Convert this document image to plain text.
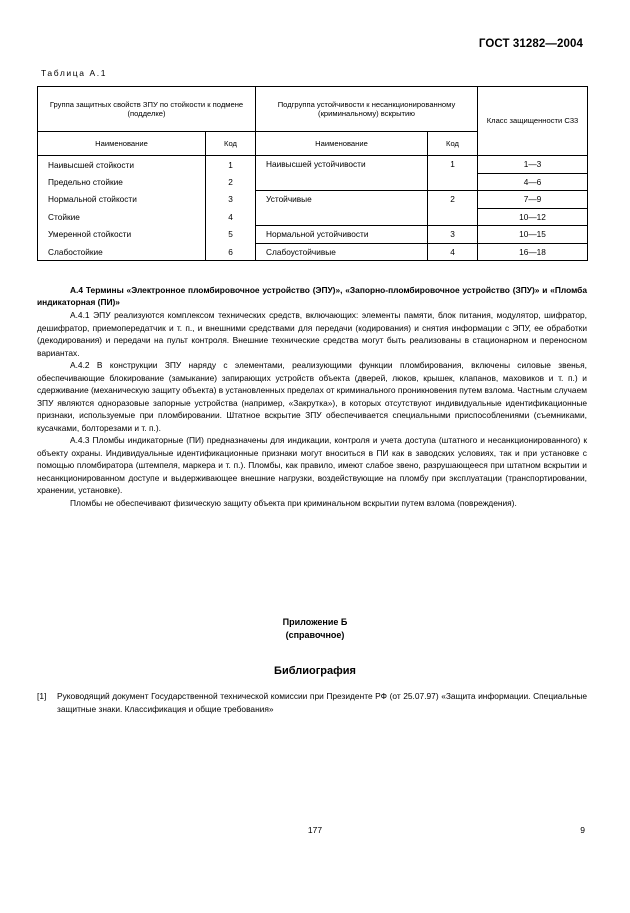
ГОСТ 31282—2004
Таблица А.1
Группа защитных свойств ЗПУ по стойкости к подмене (подделке)		Подгруппа устойчивости к несанкционированному (криминальному) вскрытию		Класс защищенности С33
Наименование	Код	Наименование	Код	
Наивысшей стойкости	1	Наивысшей устойчивости	1	1—3
Предельно стойкие	2			4—6
Нормальной стойкости	3	Устойчивые	2	7—9
Стойкие	4			10—12
Умеренной стойкости	5	Нормальной устойчивости	3	10—15
Слабостойкие	6	Слабоустойчивые	4	16—18

А.4 Термины «Электронное пломбировочное устройство (ЭПУ)», «Запорно-пломбировочное устройство (ЗПУ)» и «Пломба индикаторная (ПИ)»

А.4.1 ЭПУ реализуются комплексом технических средств, включающих: элементы памяти, блок питания, модулятор, шифратор, дешифратор, приемопередатчик и т. п., и внешними средствами для передачи (кодирования) и снятия информации с ЭПУ, ее обработки (декодирования) и передачи на пульт контроля. Внешние технические средства могут быть реализованы в стационарном и переносном вариантах.

А.4.2 В конструкции ЗПУ наряду с элементами, реализующими функции пломбирования, включены силовые звенья, обеспечивающие блокирование (замыкание) запирающих устройств объекта (дверей, люков, крышек, клапанов, маховиков и т. п.) и сдерживание (механическую защиту объекта) в установленных пределах от криминального проникновения путем взлома. Частным случаем ЗПУ являются одноразовые запорные устройства (например, «Закрутка»), в которых отсутствуют индивидуальные идентификационные признаки, используемые при пломбировании. Штатное вскрытие ЗПУ обеспечивается специальными приспособлениями (съемниками, кусачками, болторезами и т. п.).

А.4.3 Пломбы индикаторные (ПИ) предназначены для индикации, контроля и учета доступа (штатного и несанкционированного) к объекту охраны. Индивидуальные идентификационные признаки могут вноситься в ПИ как в заводских условиях, так и при установке с помощью пломбиратора (штемпеля, маркера и т. п.). Пломбы, как правило, имеют слабое звено, разрушающееся при штатном вскрытии и несанкционированном доступе и выдерживающее внешние нагрузки, воздействующие на пломбу при эксплуатации (транспортировании, хранении, установке).

Пломбы не обеспечивают физическую защиту объекта при криминальном вскрытии путем взлома (повреждения).

Приложение Б
(справочное)
Библиография
[1] Руководящий документ Государственной технической комиссии при Президенте РФ (от 25.07.97) «Защита информации. Специальные защитные знаки. Классификация и общие требования»
177	9
